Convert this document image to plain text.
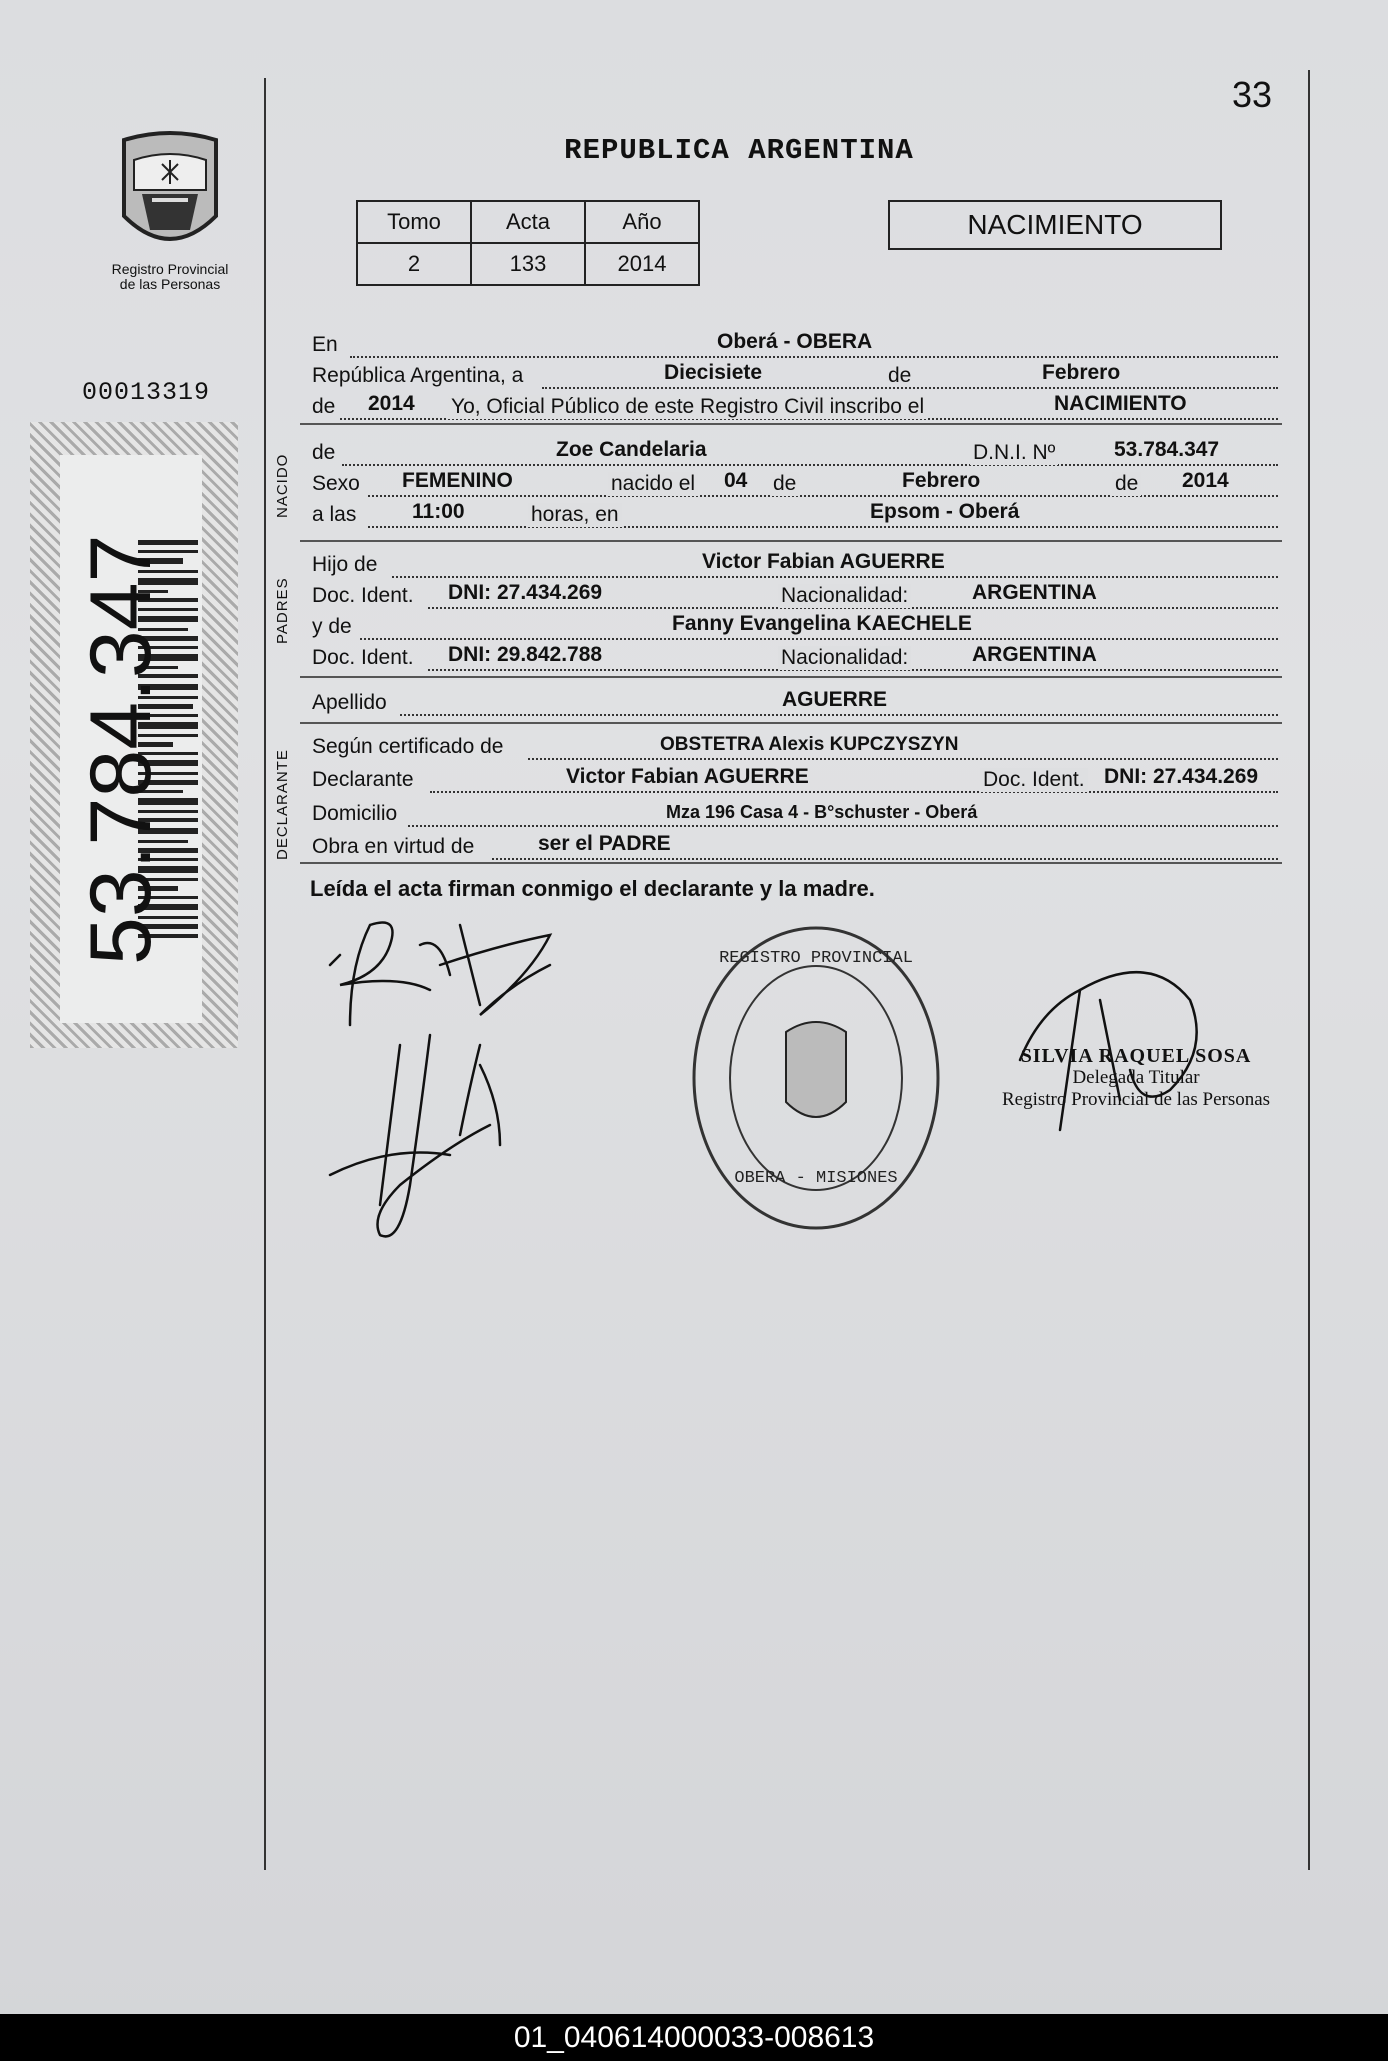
33
REPUBLICA ARGENTINA
Registro Provincial
de las Personas
00013319
53.784.347
Tomo	Acta	Año
2	133	2014
NACIMIENTO
NACIDO
PADRES
DECLARANTE
En	Oberá - OBERA
República Argentina, a	Diecisiete	de	Febrero
de 2014 Yo, Oficial Público de este Registro Civil inscribo el	NACIMIENTO
de	Zoe Candelaria	D.N.I. Nº	53.784.347
Sexo FEMENINO	nacido el 04 de	Febrero	de 2014
a las	11:00	horas, en	Epsom - Oberá
Hijo de	Victor Fabian AGUERRE
Doc. Ident. DNI: 27.434.269	Nacionalidad:	ARGENTINA
y de	Fanny Evangelina KAECHELE
Doc. Ident. DNI: 29.842.788	Nacionalidad:	ARGENTINA
Apellido	AGUERRE
Según certificado de	OBSTETRA Alexis KUPCZYSZYN
Declarante	Victor Fabian AGUERRE	Doc. Ident. DNI: 27.434.269
Domicilio	Mza 196 Casa 4 - B°schuster - Oberá
Obra en virtud de	ser el PADRE
Leída el acta firman conmigo el declarante y la madre.
REGISTRO PROVINCIAL
OBERA - MISIONES
SILVIA RAQUEL SOSA
Delegada Titular
Registro Provincial de las Personas
01_040614000033-008613
